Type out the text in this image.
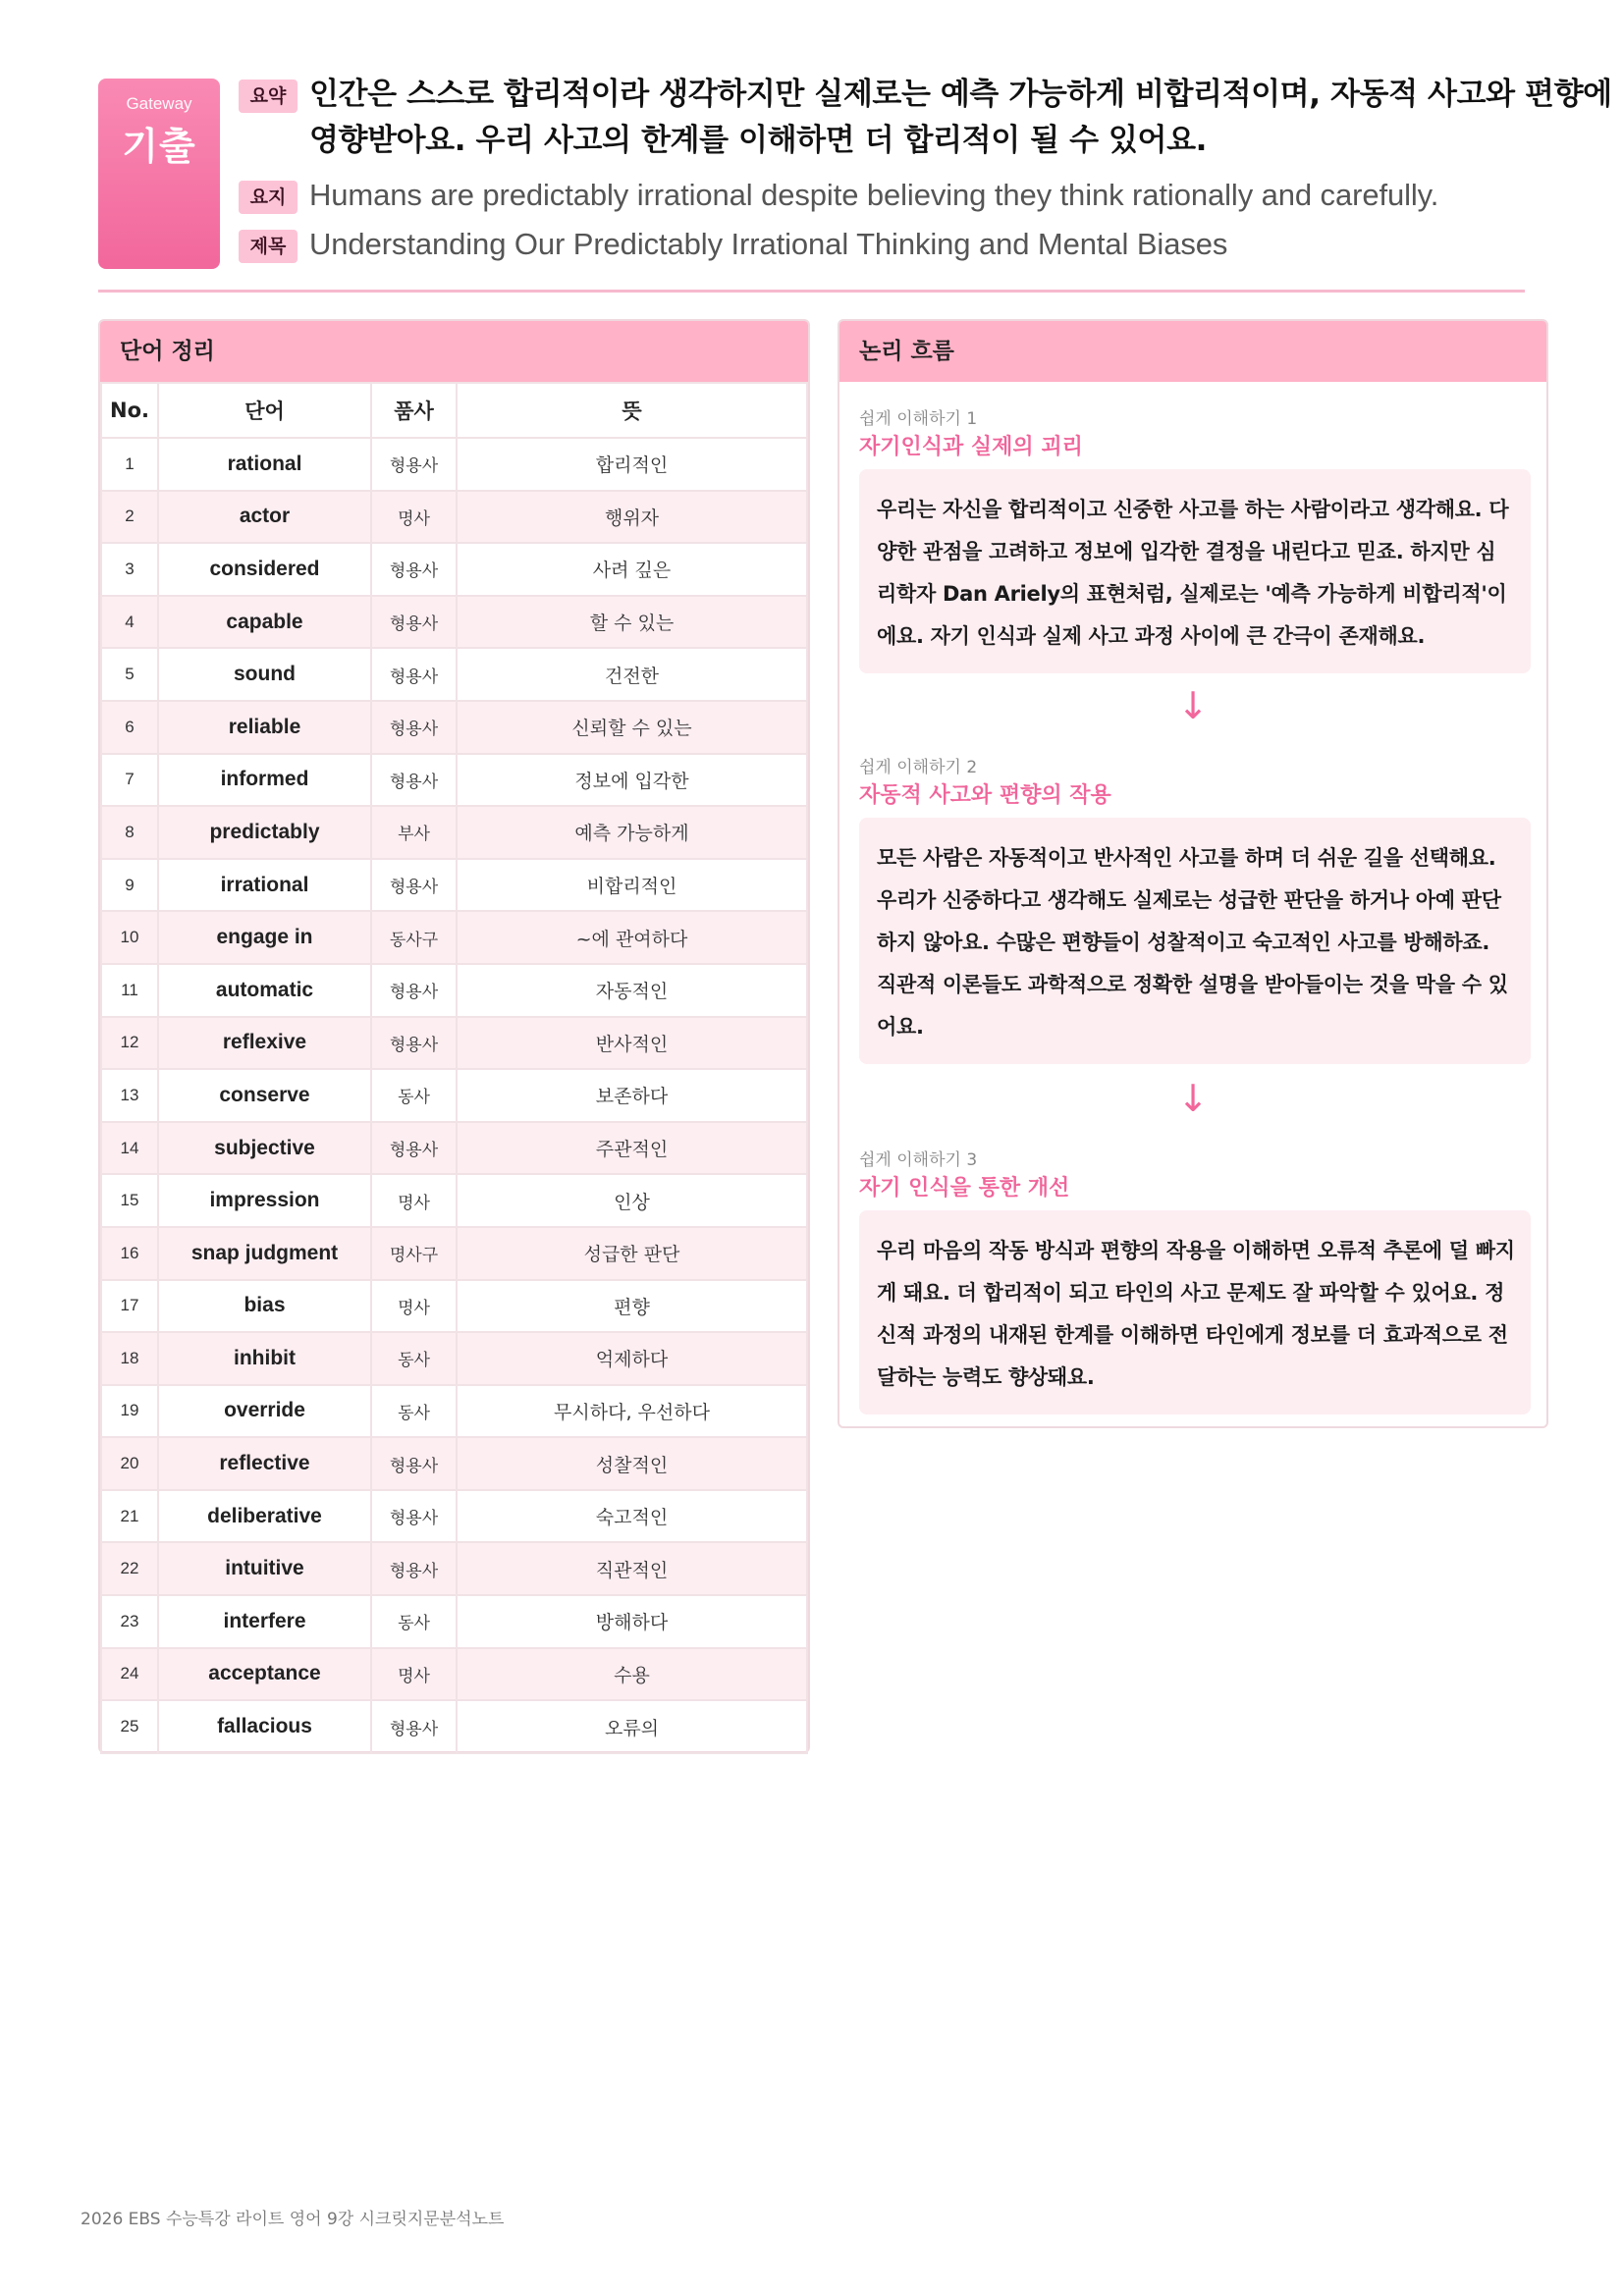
Gateway
기출
요약 인간은 스스로 합리적이라 생각하지만 실제로는 예측 가능하게 비합리적이며, 자동적 사고와 편향에 영향받아요. 우리 사고의 한계를 이해하면 더 합리적이 될 수 있어요.
요지 Humans are predictably irrational despite believing they think rationally and carefully.
제목 Understanding Our Predictably Irrational Thinking and Mental Biases
단어 정리
No.	단어	품사	뜻
1	rational	형용사	합리적인
2	actor	명사	행위자
3	considered	형용사	사려 깊은
4	capable	형용사	할 수 있는
5	sound	형용사	건전한
6	reliable	형용사	신뢰할 수 있는
7	informed	형용사	정보에 입각한
8	predictably	부사	예측 가능하게
9	irrational	형용사	비합리적인
10	engage in	동사구	~에 관여하다
11	automatic	형용사	자동적인
12	reflexive	형용사	반사적인
13	conserve	동사	보존하다
14	subjective	형용사	주관적인
15	impression	명사	인상
16	snap judgment	명사구	성급한 판단
17	bias	명사	편향
18	inhibit	동사	억제하다
19	override	동사	무시하다, 우선하다
20	reflective	형용사	성찰적인
21	deliberative	형용사	숙고적인
22	intuitive	형용사	직관적인
23	interfere	동사	방해하다
24	acceptance	명사	수용
25	fallacious	형용사	오류의
논리 흐름
쉽게 이해하기 1
자기인식과 실제의 괴리
우리는 자신을 합리적이고 신중한 사고를 하는 사람이라고 생각해요. 다양한 관점을 고려하고 정보에 입각한 결정을 내린다고 믿죠. 하지만 심리학자 Dan Ariely의 표현처럼, 실제로는 '예측 가능하게 비합리적'이에요. 자기 인식과 실제 사고 과정 사이에 큰 간극이 존재해요.
↓
쉽게 이해하기 2
자동적 사고와 편향의 작용
모든 사람은 자동적이고 반사적인 사고를 하며 더 쉬운 길을 선택해요. 우리가 신중하다고 생각해도 실제로는 성급한 판단을 하거나 아예 판단하지 않아요. 수많은 편향들이 성찰적이고 숙고적인 사고를 방해하죠. 직관적 이론들도 과학적으로 정확한 설명을 받아들이는 것을 막을 수 있어요.
↓
쉽게 이해하기 3
자기 인식을 통한 개선
우리 마음의 작동 방식과 편향의 작용을 이해하면 오류적 추론에 덜 빠지게 돼요. 더 합리적이 되고 타인의 사고 문제도 잘 파악할 수 있어요. 정신적 과정의 내재된 한계를 이해하면 타인에게 정보를 더 효과적으로 전달하는 능력도 향상돼요.
2026 EBS 수능특강 라이트 영어 9강 시크릿지문분석노트
